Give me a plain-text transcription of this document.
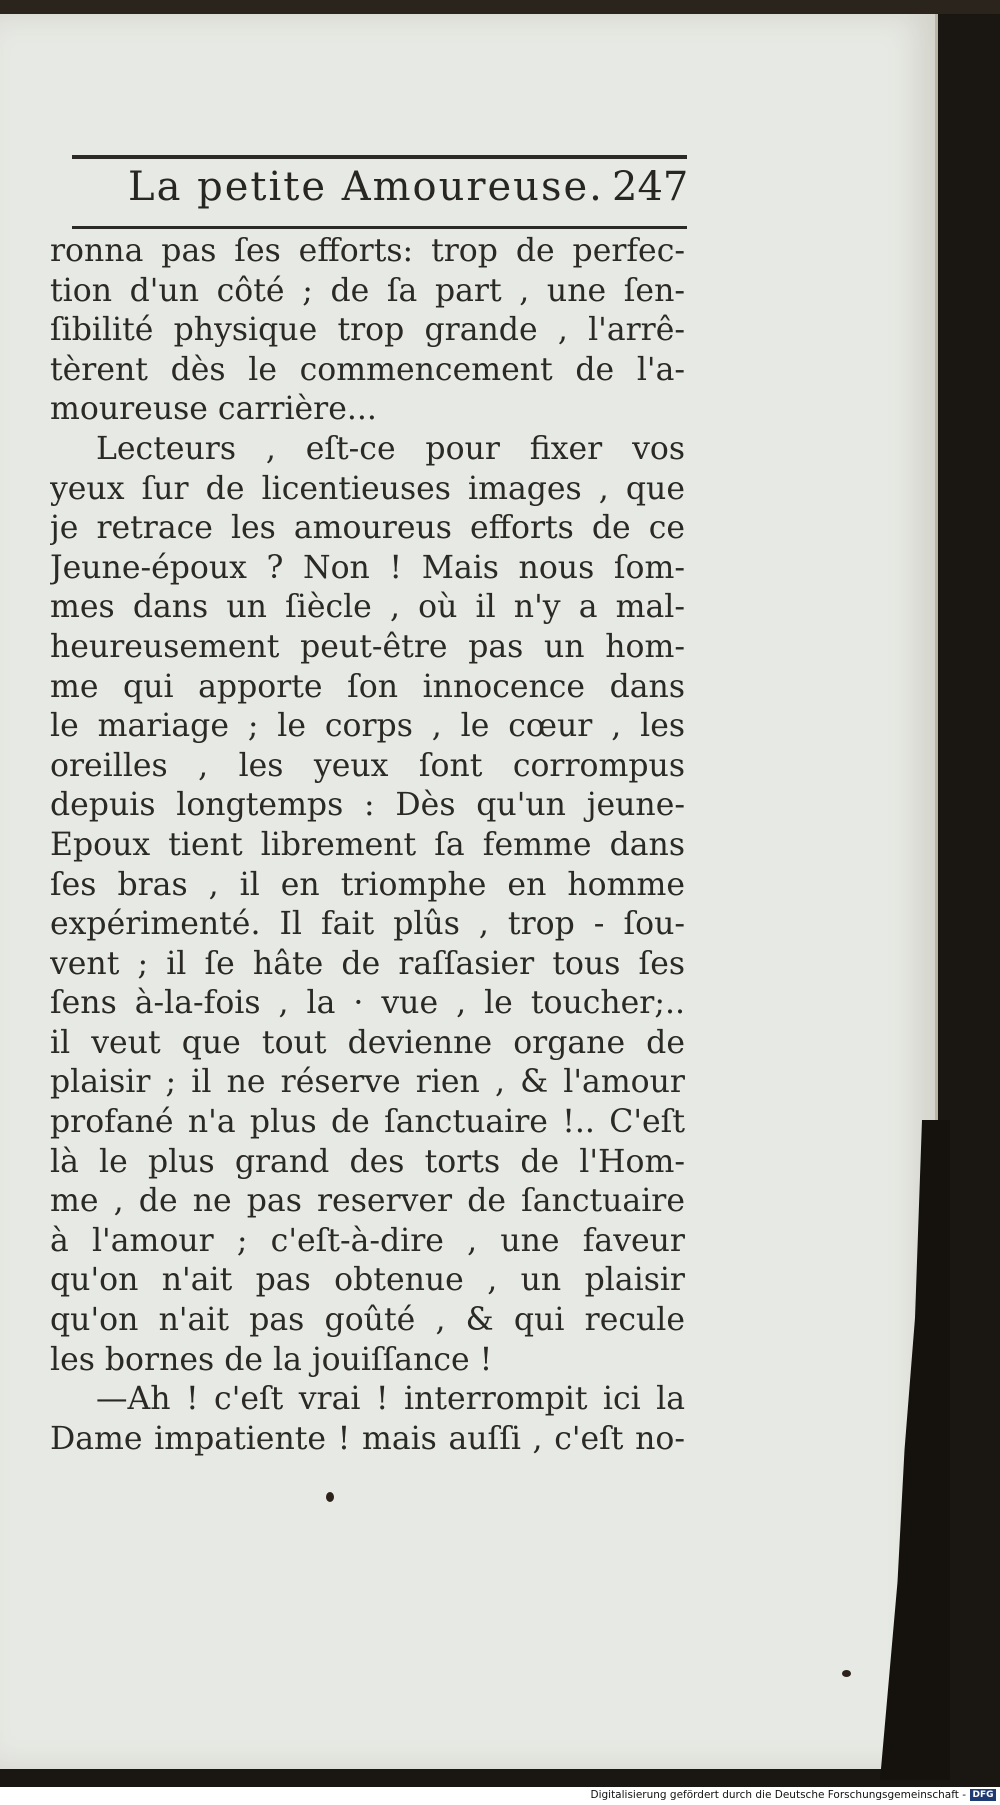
La petite Amoureuse. 247
ronna pas ſes efforts: trop de perfec-
tion d'un côté ; de ſa part , une ſen-
ſibilité physique trop grande , l'arrê-
tèrent dès le commencement de l'a-
moureuse carrière...
Lectеurs , eſt-ce pour fixer vos
yeux ſur de licentieuses images , que
je retrace les amoureus efforts de ce
Jeune-époux ? Non ! Mais nous ſom-
mes dans un ſiècle , où il n'y a mal-
heureusement peut-être pas un hom-
me qui apporte ſon innocence dans
le mariage ; le corps , le cœur , les
oreilles , les yeux ſont corrompus
depuis longtemps : Dès qu'un jeune-
Epoux tient librement ſa femme dans
ſes bras , il en triomphe en homme
expérimenté. Il fait plûs , trop - ſou-
vent ; il ſe hâte de raſſasier tous ſes
ſens à-la-fois , la · vue , le toucher;..
il veut que tout devienne organe de
plaisir ; il ne réserve rien , & l'amour
profané n'a plus de ſanctuaire !.. C'eſt
là le plus grand des torts de l'Hom-
me , de ne pas reserver de ſanctuaire
à l'amour ; c'eſt-à-dire , une faveur
qu'on n'ait pas obtenue , un plaisir
qu'on n'ait pas goûté , & qui recule
les bornes de la jouiſſance !
—Ah ! c'eſt vrai ! interrompit ici la
Dame impatiente ! mais auſſi , c'eſt no-
Digitalisierung gefördert durch die Deutsche Forschungsgemeinschaft - DFG
